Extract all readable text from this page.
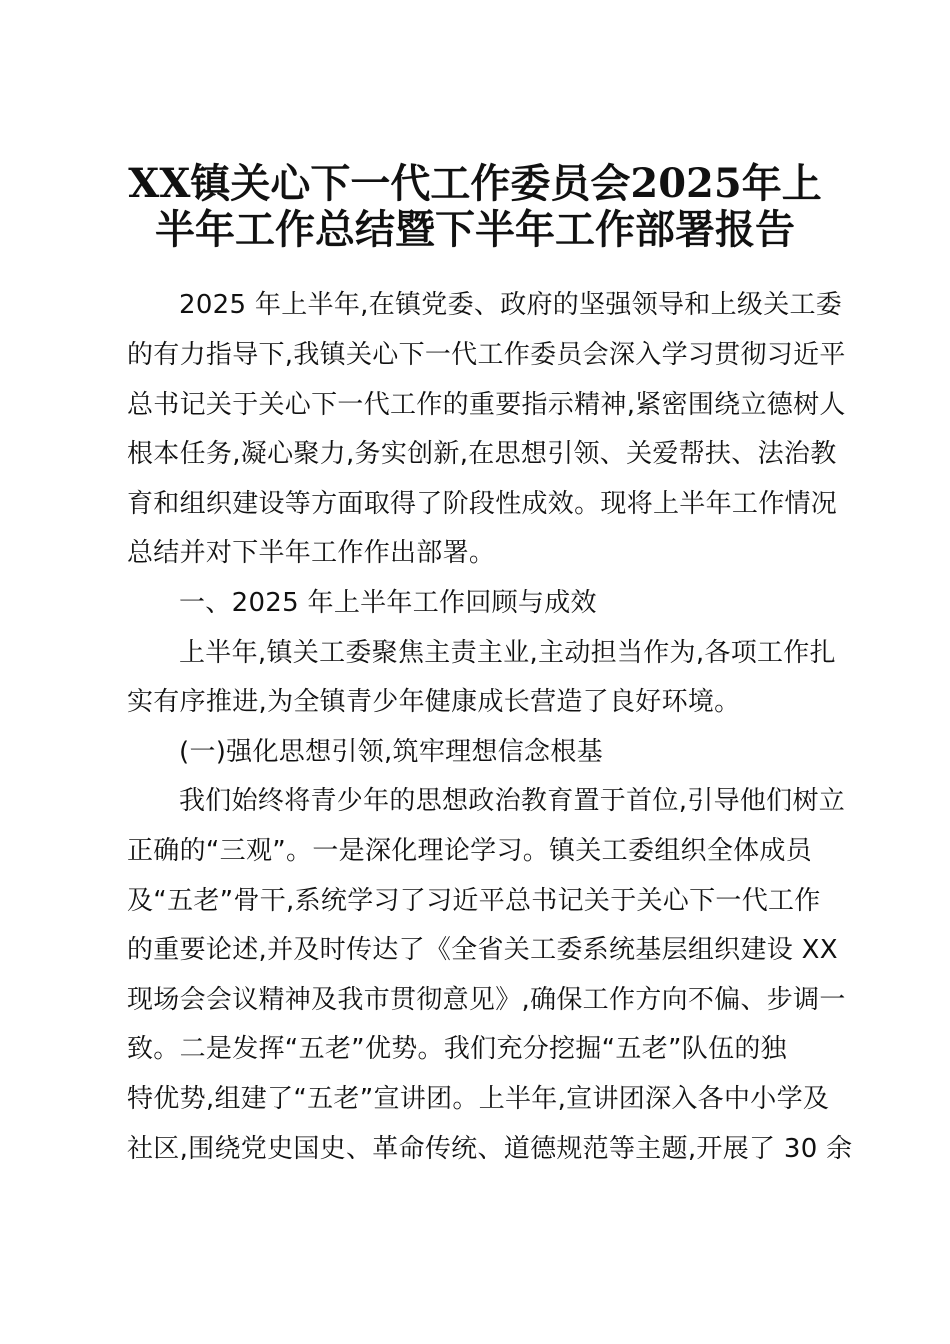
XX镇关心下一代工作委员会2025年上
半年工作总结暨下半年工作部署报告
2025 年上半年,在镇党委、政府的坚强领导和上级关工委
的有力指导下,我镇关心下一代工作委员会深入学习贯彻习近平
总书记关于关心下一代工作的重要指示精神,紧密围绕立德树人
根本任务,凝心聚力,务实创新,在思想引领、关爱帮扶、法治教
育和组织建设等方面取得了阶段性成效。现将上半年工作情况
总结并对下半年工作作出部署。
一、2025 年上半年工作回顾与成效
上半年,镇关工委聚焦主责主业,主动担当作为,各项工作扎
实有序推进,为全镇青少年健康成长营造了良好环境。
(一)强化思想引领,筑牢理想信念根基
我们始终将青少年的思想政治教育置于首位,引导他们树立
正确的“三观”。一是深化理论学习。镇关工委组织全体成员
及“五老”骨干,系统学习了习近平总书记关于关心下一代工作
的重要论述,并及时传达了《全省关工委系统基层组织建设 XX
现场会会议精神及我市贯彻意见》,确保工作方向不偏、步调一
致。二是发挥“五老”优势。我们充分挖掘“五老”队伍的独
特优势,组建了“五老”宣讲团。上半年,宣讲团深入各中小学及
社区,围绕党史国史、革命传统、道德规范等主题,开展了 30 余
